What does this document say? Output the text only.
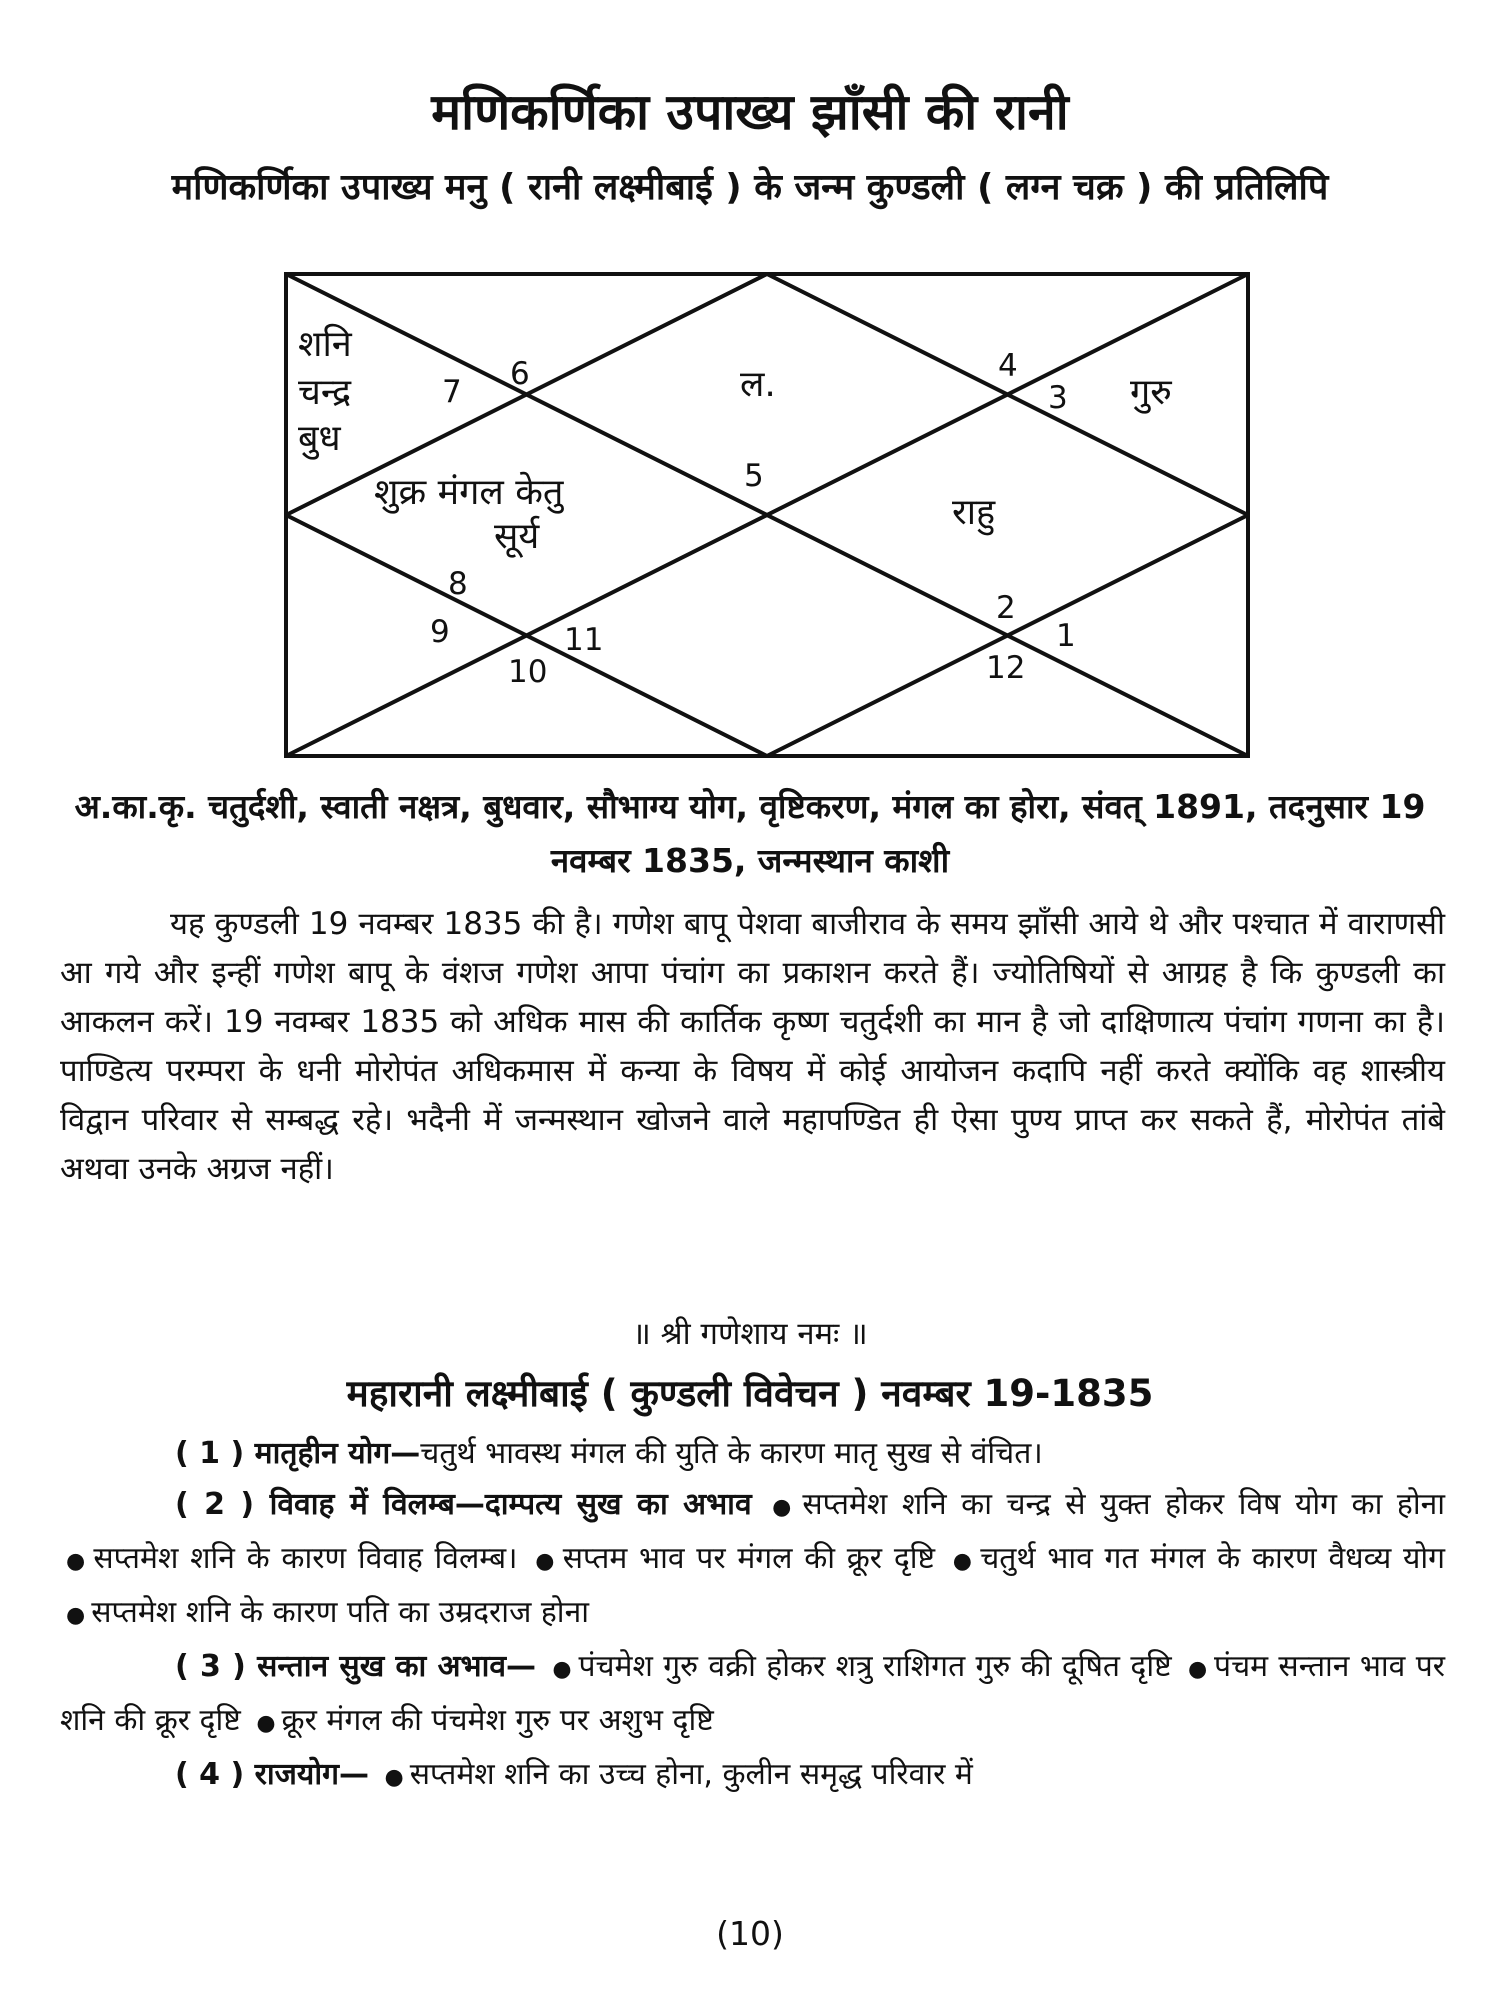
मणिकर्णिका उपाख्य झाँसी की रानी
मणिकर्णिका उपाख्य मनु ( रानी लक्ष्मीबाई ) के जन्म कुण्डली ( लग्न चक्र ) की प्रतिलिपि
6
7	ल.	4
3
5
8
9	11
10
2
1
12
शनि
चन्द्र
बुध
गुरु
शुक्र मंगल केतु
सूर्य
राहु
अ.का.कृ. चतुर्दशी, स्वाती नक्षत्र, बुधवार, सौभाग्य योग, वृष्टिकरण, मंगल का होरा, संवत् 1891, तदनुसार 19 नवम्बर 1835, जन्मस्थान काशी

यह कुण्डली 19 नवम्बर 1835 की है। गणेश बापू पेशवा बाजीराव के समय झाँसी आये थे और पश्चात में वाराणसी आ गये और इन्हीं गणेश बापू के वंशज गणेश आपा पंचांग का प्रकाशन करते हैं। ज्योतिषियों से आग्रह है कि कुण्डली का आकलन करें। 19 नवम्बर 1835 को अधिक मास की कार्तिक कृष्ण चतुर्दशी का मान है जो दाक्षिणात्य पंचांग गणना का है। पाण्डित्य परम्परा के धनी मोरोपंत अधिकमास में कन्या के विषय में कोई आयोजन कदापि नहीं करते क्योंकि वह शास्त्रीय विद्वान परिवार से सम्बद्ध रहे। भदैनी में जन्मस्थान खोजने वाले महापण्डित ही ऐसा पुण्य प्राप्त कर सकते हैं, मोरोपंत तांबे अथवा उनके अग्रज नहीं।

॥ श्री गणेशाय नमः ॥
महारानी लक्ष्मीबाई ( कुण्डली विवेचन ) नवम्बर 19-1835

( 1 ) मातृहीन योग—चतुर्थ भावस्थ मंगल की युति के कारण मातृ सुख से वंचित।

( 2 ) विवाह में विलम्ब—दाम्पत्य सुख का अभाव ● सप्तमेश शनि का चन्द्र से युक्त होकर विष योग का होना ● सप्तमेश शनि के कारण विवाह विलम्ब। ● सप्तम भाव पर मंगल की क्रूर दृष्टि ● चतुर्थ भाव गत मंगल के कारण वैधव्य योग ● सप्तमेश शनि के कारण पति का उम्रदराज होना

( 3 ) सन्तान सुख का अभाव— ● पंचमेश गुरु वक्री होकर शत्रु राशिगत गुरु की दूषित दृष्टि ● पंचम सन्तान भाव पर शनि की क्रूर दृष्टि ● क्रूर मंगल की पंचमेश गुरु पर अशुभ दृष्टि

( 4 ) राजयोग— ● सप्तमेश शनि का उच्च होना, कुलीन समृद्ध परिवार में

(10)
